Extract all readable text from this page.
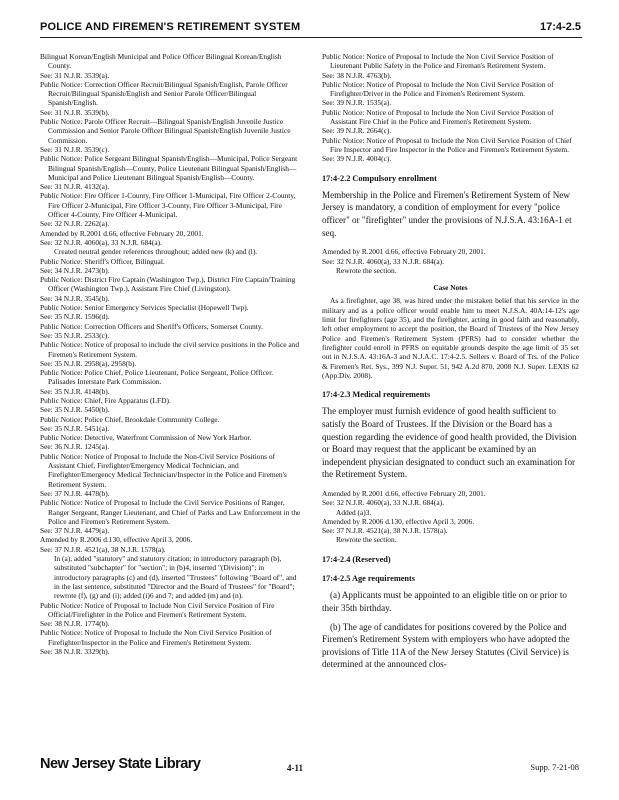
POLICE AND FIREMEN'S RETIREMENT SYSTEM	17:4-2.5

Bilingual Korean/English Municipal and Police Officer Bilingual Korean/English County.

See: 31 N.J.R. 3539(a).

Public Notice: Correction Officer Recruit/Bilingual Spanish/English, Parole Officer Recruit/Bilingual Spanish/English and Senior Parole Officer/Bilingual Spanish/English.

See: 31 N.J.R. 3539(b).

Public Notice: Parole Officer Recruit—Bilingual Spanish/English Juvenile Justice Commission and Senior Parole Officer Bilingual Spanish/English Juvenile Justice Commission.

See: 31 N.J.R. 3539(c).

Public Notice: Police Sergeant Bilingual Spanish/English—Municipal, Police Sergeant Bilingual Spanish/English—County, Police Lieutenant Bilingual Spanish/English—Municipal and Police Lieutenant Bilingual Spanish/English—County.

See: 31 N.J.R. 4132(a).

Public Notice: Fire Officer 1-County, Fire Officer 1-Municipal, Fire Officer 2-County, Fire Officer 2-Municipal, Fire Officer 3-County, Fire Officer 3-Municipal, Fire Officer 4-County, Fire Officer 4-Municipal.

See: 32 N.J.R. 2262(a).

Amended by R.2001 d.66, effective February 20, 2001.

See: 32 N.J.R. 4060(a), 33 N.J.R. 684(a).

Created neutral gender references throughout; added new (k) and (l).

Public Notice: Sheriff's Officer, Bilingual.

See: 34 N.J.R. 2473(b).

Public Notice: District Fire Captain (Washington Twp.), District Fire Captain/Training Officer (Washington Twp.), Assistant Fire Chief (Livingston).

See: 34 N.J.R. 3545(b).

Public Notice: Senior Emergency Services Specialist (Hopewell Twp).

See: 35 N.J.R. 1596(d).

Public Notice: Correction Officers and Sheriff's Officers, Somerset County.

See: 35 N.J.R. 2533(c).

Public Notice: Notice of proposal to include the civil service positions in the Police and Firemen's Retirement System.

See: 35 N.J.R. 2958(a), 2958(b).

Public Notice: Police Chief, Police Lieutenant, Police Sergeant, Police Officer. Palisades Interstate Park Commission.

See: 35 N.J.R. 4148(b).

Public Notice: Chief, Fire Apparatus (LFD).

See: 35 N.J.R. 5450(b).

Public Notice: Police Chief, Brookdale Community College.

See: 35 N.J.R. 5451(a).

Public Notice: Detective, Waterfront Commission of New York Harbor.

See: 36 N.J.R. 1245(a).

Public Notice: Notice of Proposal to Include the Non-Civil Service Positions of Assistant Chief, Firefighter/Emergency Medical Technician, and Firefighter/Emergency Medical Technician/Inspector in the Police and Firemen's Retirement System.

See: 37 N.J.R. 4478(b).

Public Notice: Notice of Proposal to Include the Civil Service Positions of Ranger, Ranger Sergeant, Ranger Lieutenant, and Chief of Parks and Law Enforcement in the Police and Firemen's Retirement System.

See: 37 N.J.R. 4479(a).

Amended by R.2006 d.130, effective April 3, 2006.

See: 37 N.J.R. 4521(a), 38 N.J.R. 1578(a).

In (a), added "statutory" and statutory citation; in introductory paragraph (b), substituted "subchapter" for "section"; in (b)4, inserted "(Division)"; in introductory paragraphs (c) and (d), inserted "Trustees" following "Board of", and in the last sentence, substituted "Director and the Board of Trustees" for "Board"; rewrote (f), (g) and (i); added (i)6 and 7; and added (m) and (n).

Public Notice: Notice of Proposal to Include Non Civil Service Position of Fire Official/Firefighter in the Police and Firemen's Retirement System.

See: 38 N.J.R. 1774(b).

Public Notice: Notice of Proposal to Include the Non Civil Service Position of Firefighter/Inspector in the Police and Firemen's Retirement System.

See: 38 N.J.R. 3329(b).

Public Notice: Notice of Proposal to Include the Non Civil Service Position of Lieutenant Public Safety in the Police and Fireman's Retirement System.

See: 38 N.J.R. 4763(b).

Public Notice: Notice of Proposal to Include the Non Civil Service Position of Firefighter/Driver in the Police and Firemen's Retirement System.

See: 39 N.J.R. 1535(a).

Public Notice: Notice of Proposal to Include the Non Civil Service Position of Assistant Fire Chief in the Police and Firemen's Retirement System.

See: 39 N.J.R. 2664(c).

Public Notice: Notice of Proposal to Include the Non Civil Service Position of Chief Fire Inspector and Fire Inspector in the Police and Firemen's Retirement System.

See: 39 N.J.R. 4004(c).

17:4-2.2 Compulsory enrollment

Membership in the Police and Firemen's Retirement System of New Jersey is mandatory, a condition of employment for every "police officer" or "firefighter" under the provisions of N.J.S.A. 43:16A-1 et seq.

Amended by R.2001 d.66, effective February 20, 2001.

See: 32 N.J.R. 4060(a), 33 N.J.R. 684(a).

Rewrote the section.

Case Notes

As a firefighter, age 38, was hired under the mistaken belief that his service in the military and as a police officer would enable him to meet N.J.S.A. 40A:14-12's age limit for firefighters (age 35), and the firefighter, acting in good faith and reasonably, left other employment to accept the position, the Board of Trustees of the New Jersey Police and Firemen's Retirement System (PFRS) had to consider whether the firefighter could enroll in PFRS on equitable grounds despite the age limit of 35 set out in N.J.S.A. 43:16A-3 and N.J.A.C. 17:4-2.5. Sellers v. Board of Trs. of the Police & Firemen's Ret. Sys., 399 N.J. Super. 51, 942 A.2d 870, 2008 N.J. Super. LEXIS 62 (App.Div. 2008).

17:4-2.3 Medical requirements

The employer must furnish evidence of good health sufficient to satisfy the Board of Trustees. If the Division or the Board has a question regarding the evidence of good health provided, the Division or Board may request that the applicant be examined by an independent physician designated to conduct such an examination for the Retirement System.

Amended by R.2001 d.66, effective February 20, 2001.

See: 32 N.J.R. 4060(a), 33 N.J.R. 684(a).

Added (a)3.

Amended by R.2006 d.130, effective April 3, 2006.

See: 37 N.J.R. 4521(a), 38 N.J.R. 1578(a).

Rewrote the section.

17:4-2.4 (Reserved)

17:4-2.5 Age requirements

(a) Applicants must be appointed to an eligible title on or prior to their 35th birthday.

(b) The age of candidates for positions covered by the Police and Firemen's Retirement System with employers who have adopted the provisions of Title 11A of the New Jersey Statutes (Civil Service) is determined at the announced clos-

New Jersey State Library	4-11	Supp. 7-21-08
